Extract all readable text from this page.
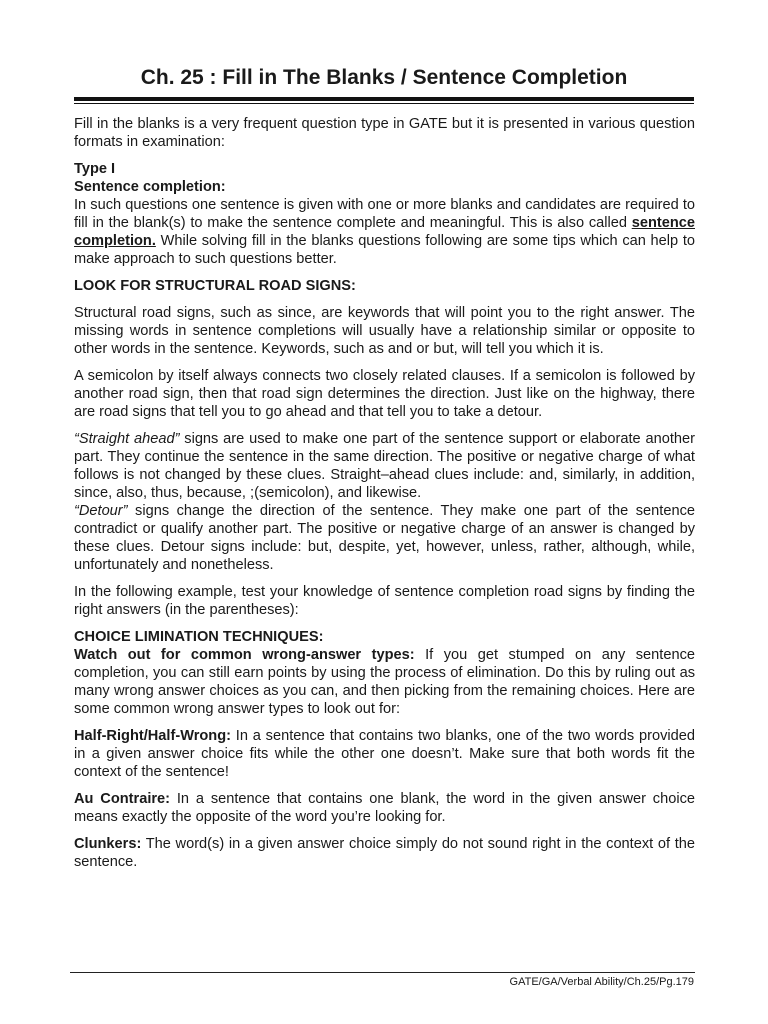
Ch. 25 : Fill in The Blanks / Sentence Completion

Fill in the blanks is a very frequent question type in GATE but it is presented in various question formats in examination:

Type I
Sentence completion:

In such questions one sentence is given with one or more blanks and candidates are required to fill in the blank(s) to make the sentence complete and meaningful. This is also called sentence completion. While solving fill in the blanks questions following are some tips which can help to make approach to such questions better.

LOOK FOR STRUCTURAL ROAD SIGNS:

Structural road signs, such as since, are keywords that will point you to the right answer. The missing words in sentence completions will usually have a relationship similar or opposite to other words in the sentence. Keywords, such as and or but, will tell you which it is.

A semicolon by itself always connects two closely related clauses. If a semicolon is followed by another road sign, then that road sign determines the direction. Just like on the highway, there are road signs that tell you to go ahead and that tell you to take a detour.

“Straight ahead” signs are used to make one part of the sentence support or elaborate another part. They continue the sentence in the same direction. The positive or negative charge of what follows is not changed by these clues. Straight–ahead clues include: and, similarly, in addition, since, also, thus, because, ;(semicolon), and likewise.

“Detour” signs change the direction of the sentence. They make one part of the sentence contradict or qualify another part. The positive or negative charge of an answer is changed by these clues. Detour signs include: but, despite, yet, however, unless, rather, although, while, unfortunately and nonetheless.

In the following example, test your knowledge of sentence completion road signs by finding the right answers (in the parentheses):

CHOICE LIMINATION TECHNIQUES:

Watch out for common wrong-answer types: If you get stumped on any sentence completion, you can still earn points by using the process of elimination. Do this by ruling out as many wrong answer choices as you can, and then picking from the remaining choices. Here are some common wrong answer types to look out for:

Half-Right/Half-Wrong: In a sentence that contains two blanks, one of the two words provided in a given answer choice fits while the other one doesn’t. Make sure that both words fit the context of the sentence!

Au Contraire: In a sentence that contains one blank, the word in the given answer choice means exactly the opposite of the word you’re looking for.

Clunkers: The word(s) in a given answer choice simply do not sound right in the context of the sentence.

GATE/GA/Verbal Ability/Ch.25/Pg.179
